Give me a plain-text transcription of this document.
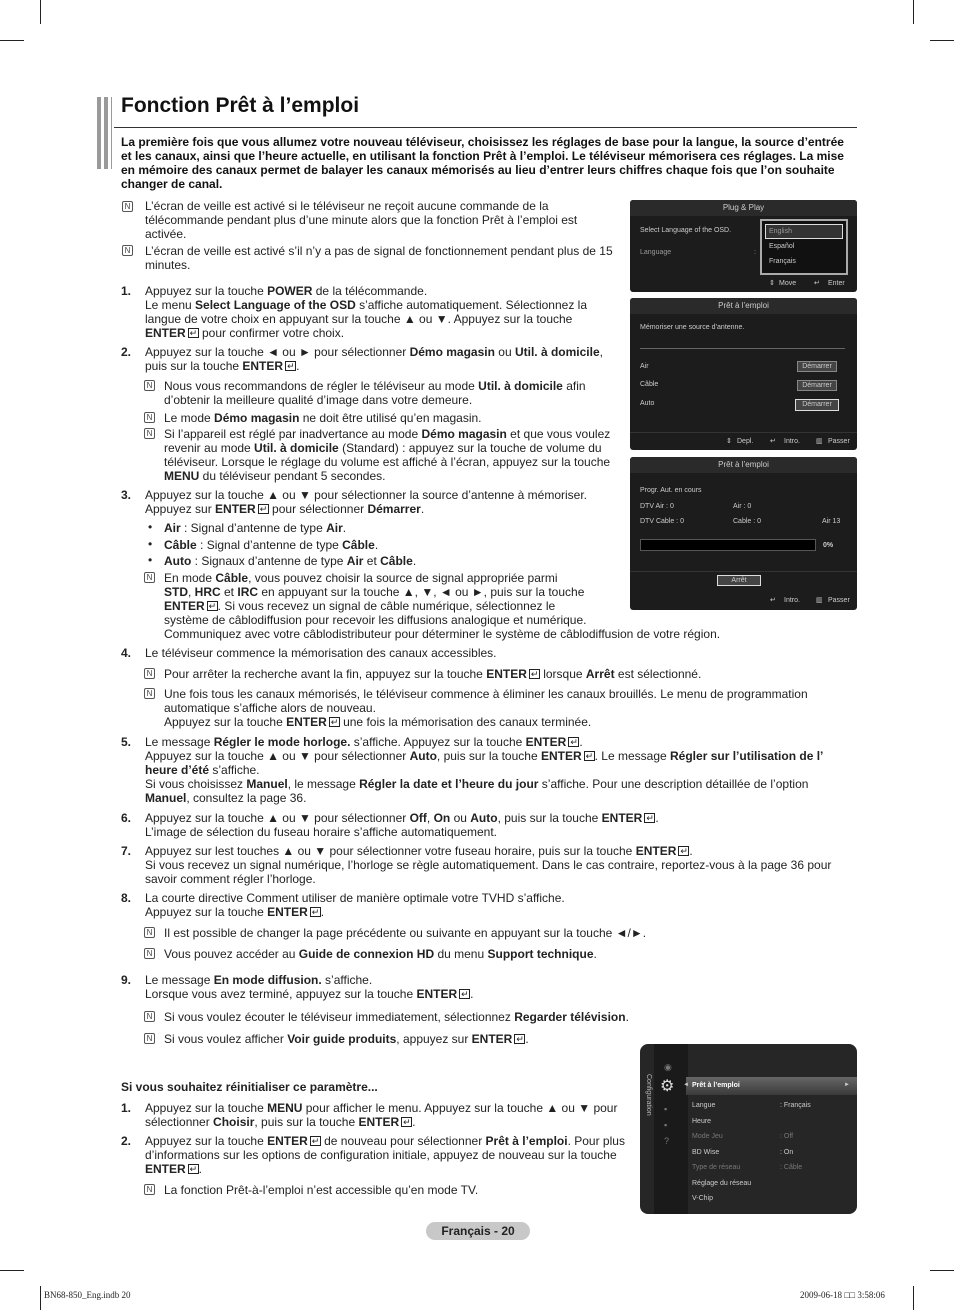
Fonction Prêt à l’emploi

La première fois que vous allumez votre nouveau téléviseur, choisissez les réglages de base pour la langue, la source d’entrée et les canaux, ainsi que l’heure actuelle, en utilisant la fonction Prêt à l’emploi. Le téléviseur mémorisera ces réglages. La mise en mémoire des canaux permet de balayer les canaux mémorisés au lieu d’entrer leurs chiffres chaque fois que l’on souhaite changer de canal.

N L’écran de veille est activé si le téléviseur ne reçoit aucune commande de la télécommande pendant plus d’une minute alors que la fonction Prêt à l’emploi est activée.
N L’écran de veille est activé s’il n’y a pas de signal de fonctionnement pendant plus de 15 minutes.
1. Appuyez sur la touche POWER de la télécommande.

Le menu Select Language of the OSD s’affiche automatiquement. Sélectionnez la langue de votre choix en appuyant sur la touche ▲ ou ▼. Appuyez sur la touche ENTER↵ pour confirmer votre choix.

2. Appuyez sur la touche ◄ ou ► pour sélectionner Démo magasin ou Util. à domicile, puis sur la touche ENTER ↵ .

N Nous vous recommandons de régler le téléviseur au mode Util. à domicile afin d’obtenir la meilleure qualité d’image dans votre demeure.

N Le mode Démo magasin ne doit être utilisé qu’en magasin.

N Si l’appareil est réglé par inadvertance au mode Démo magasin et que vous voulez revenir au mode Util. à domicile (Standard) : appuyez sur la touche de volume du téléviseur. Lorsque le réglage du volume est affiché à l’écran, appuyez sur la touche MENU du téléviseur pendant 5 secondes.

3. Appuyez sur la touche ▲ ou ▼ pour sélectionner la source d’antenne à mémoriser. Appuyez sur ENTER↵ pour sélectionner Démarrer.

• Air : Signal d’antenne de type Air.

• Câble : Signal d’antenne de type Câble.

• Auto : Signaux d’antenne de type Air et Câble.

N En mode Câble, vous pouvez choisir la source de signal appropriée parmi
STD, HRC et IRC en appuyant sur la touche ▲, ▼, ◄ ou ►, puis sur la touche
ENTER ↵ . Si vous recevez un signal de câble numérique, sélectionnez le
système de câblodiffusion pour recevoir les diffusions analogique et numérique.
Communiquez avec votre câblodistributeur pour déterminer le système de câblodiffusion de votre région.

4. Le téléviseur commence la mémorisation des canaux accessibles.
N Pour arrêter la recherche avant la fin, appuyez sur la touche ENTER↵ lorsque Arrêt est sélectionné.

N Une fois tous les canaux mémorisés, le téléviseur commence à éliminer les canaux brouillés. Le menu de programmation automatique s’affiche alors de nouveau.

Appuyez sur la touche ENTER↵ une fois la mémorisation des canaux terminée.

5. Le message Régler le mode horloge. s’affiche. Appuyez sur la touche ENTER ↵ .

Appuyez sur la touche ▲ ou ▼ pour sélectionner Auto, puis sur la touche ENTER ↵ . Le message Régler sur l’utilisation de l’ heure d’été s’affiche.

Si vous choisissez Manuel, le message Régler la date et l’heure du jour s’affiche. Pour une description détaillée de l’option Manuel, consultez la page 36.

6. Appuyez sur la touche ▲ ou ▼ pour sélectionner Off, On ou Auto, puis sur la touche ENTER ↵ .

L’image de sélection du fuseau horaire s’affiche automatiquement.

7. Appuyez sur lest touches ▲ ou ▼ pour sélectionner votre fuseau horaire, puis sur la touche ENTER ↵ .

Si vous recevez un signal numérique, l’horloge se règle automatiquement. Dans le cas contraire, reportez-vous à la page 36 pour savoir comment régler l’horloge.

8. La courte directive Comment utiliser de manière optimale votre TVHD s’affiche.

Appuyez sur la touche ENTER ↵ .

N Il est possible de changer la page précédente ou suivante en appuyant sur la touche ◄/►.

N Vous pouvez accéder au Guide de connexion HD du menu Support technique.

9. Le message En mode diffusion. s’affiche.

Lorsque vous avez terminé, appuyez sur la touche ENTER ↵ .

N Si vous voulez écouter le téléviseur immediatement, sélectionnez Regarder télévision.

N Si vous voulez afficher Voir guide produits, appuyez sur ENTER ↵ .

Si vous souhaitez réinitialiser ce paramètre...
1. Appuyez sur la touche MENU pour afficher le menu. Appuyez sur la touche ▲ ou ▼ pour sélectionner Choisir, puis sur la touche ENTER ↵ .

2. Appuyez sur la touche ENTER↵ de nouveau pour sélectionner Prêt à l’emploi. Pour plus d’informations sur les options de configuration initiale, appuyez de nouveau sur la touche ENTER ↵ .

N La fonction Prêt-à-l’emploi n’est accessible qu’en mode TV.
Plug & Play
Select Language of the OSD.
Language	:
English
Español
Français
⇕ Move	↵ Enter
Prêt à l’emploi
Mémoriser une source d’antenne.
Air	Démarrer
Câble	Démarrer
Auto	Démarrer
⇕ Depl. ↵ Intro. ▥ Passer
Prêt à l’emploi
Progr. Aut. en cours
DTV Air : 0	Air : 0
DTV Cable : 0	Cable : 0	Air 13
0%
Arrêt
↵ Intro. ▥ Passer
Configuration ⚙
◉
▪
▪
?
Prêt à l’emploi	►
◄
Langue	: Français
Heure
Mode Jeu	: Off
BD Wise	: On
Type de réseau	: Câble
Réglage du réseau
V-Chip
Français - 20
BN68-850_Eng.indb 20	2009-06-18 □□ 3:58:06
